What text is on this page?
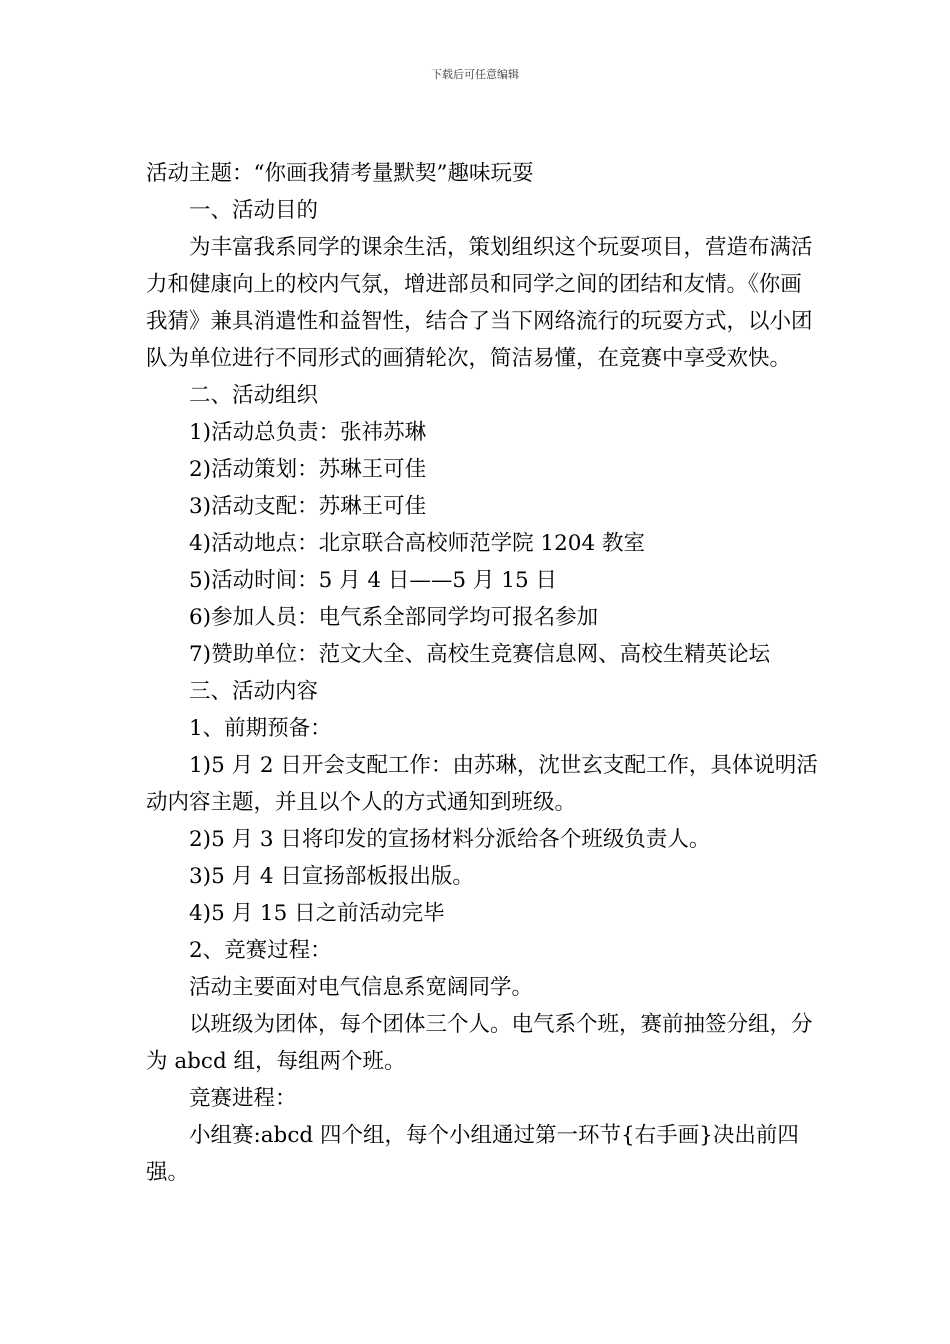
下载后可任意编辑

活动主题：“你画我猜考量默契”趣味玩耍

一、活动目的

为丰富我系同学的课余生活，策划组织这个玩耍项目，营造布满活力和健康向上的校内气氛，增进部员和同学之间的团结和友情。《你画我猜》兼具消遣性和益智性，结合了当下网络流行的玩耍方式，以小团队为单位进行不同形式的画猜轮次，简洁易懂，在竞赛中享受欢快。

二、活动组织

1)活动总负责：张祎苏琳

2)活动策划：苏琳王可佳

3)活动支配：苏琳王可佳

4)活动地点：北京联合高校师范学院 1204 教室

5)活动时间：5 月 4 日——5 月 15 日

6)参加人员：电气系全部同学均可报名参加

7)赞助单位：范文大全、高校生竞赛信息网、高校生精英论坛

三、活动内容

1、前期预备：

1)5 月 2 日开会支配工作：由苏琳，沈世玄支配工作，具体说明活动内容主题，并且以个人的方式通知到班级。

2)5 月 3 日将印发的宣扬材料分派给各个班级负责人。

3)5 月 4 日宣扬部板报出版。

4)5 月 15 日之前活动完毕

2、竞赛过程：

活动主要面对电气信息系宽阔同学。

以班级为团体，每个团体三个人。电气系个班，赛前抽签分组，分为 abcd 组，每组两个班。

竞赛进程：

小组赛:abcd 四个组，每个小组通过第一环节{右手画}决出前四强。
